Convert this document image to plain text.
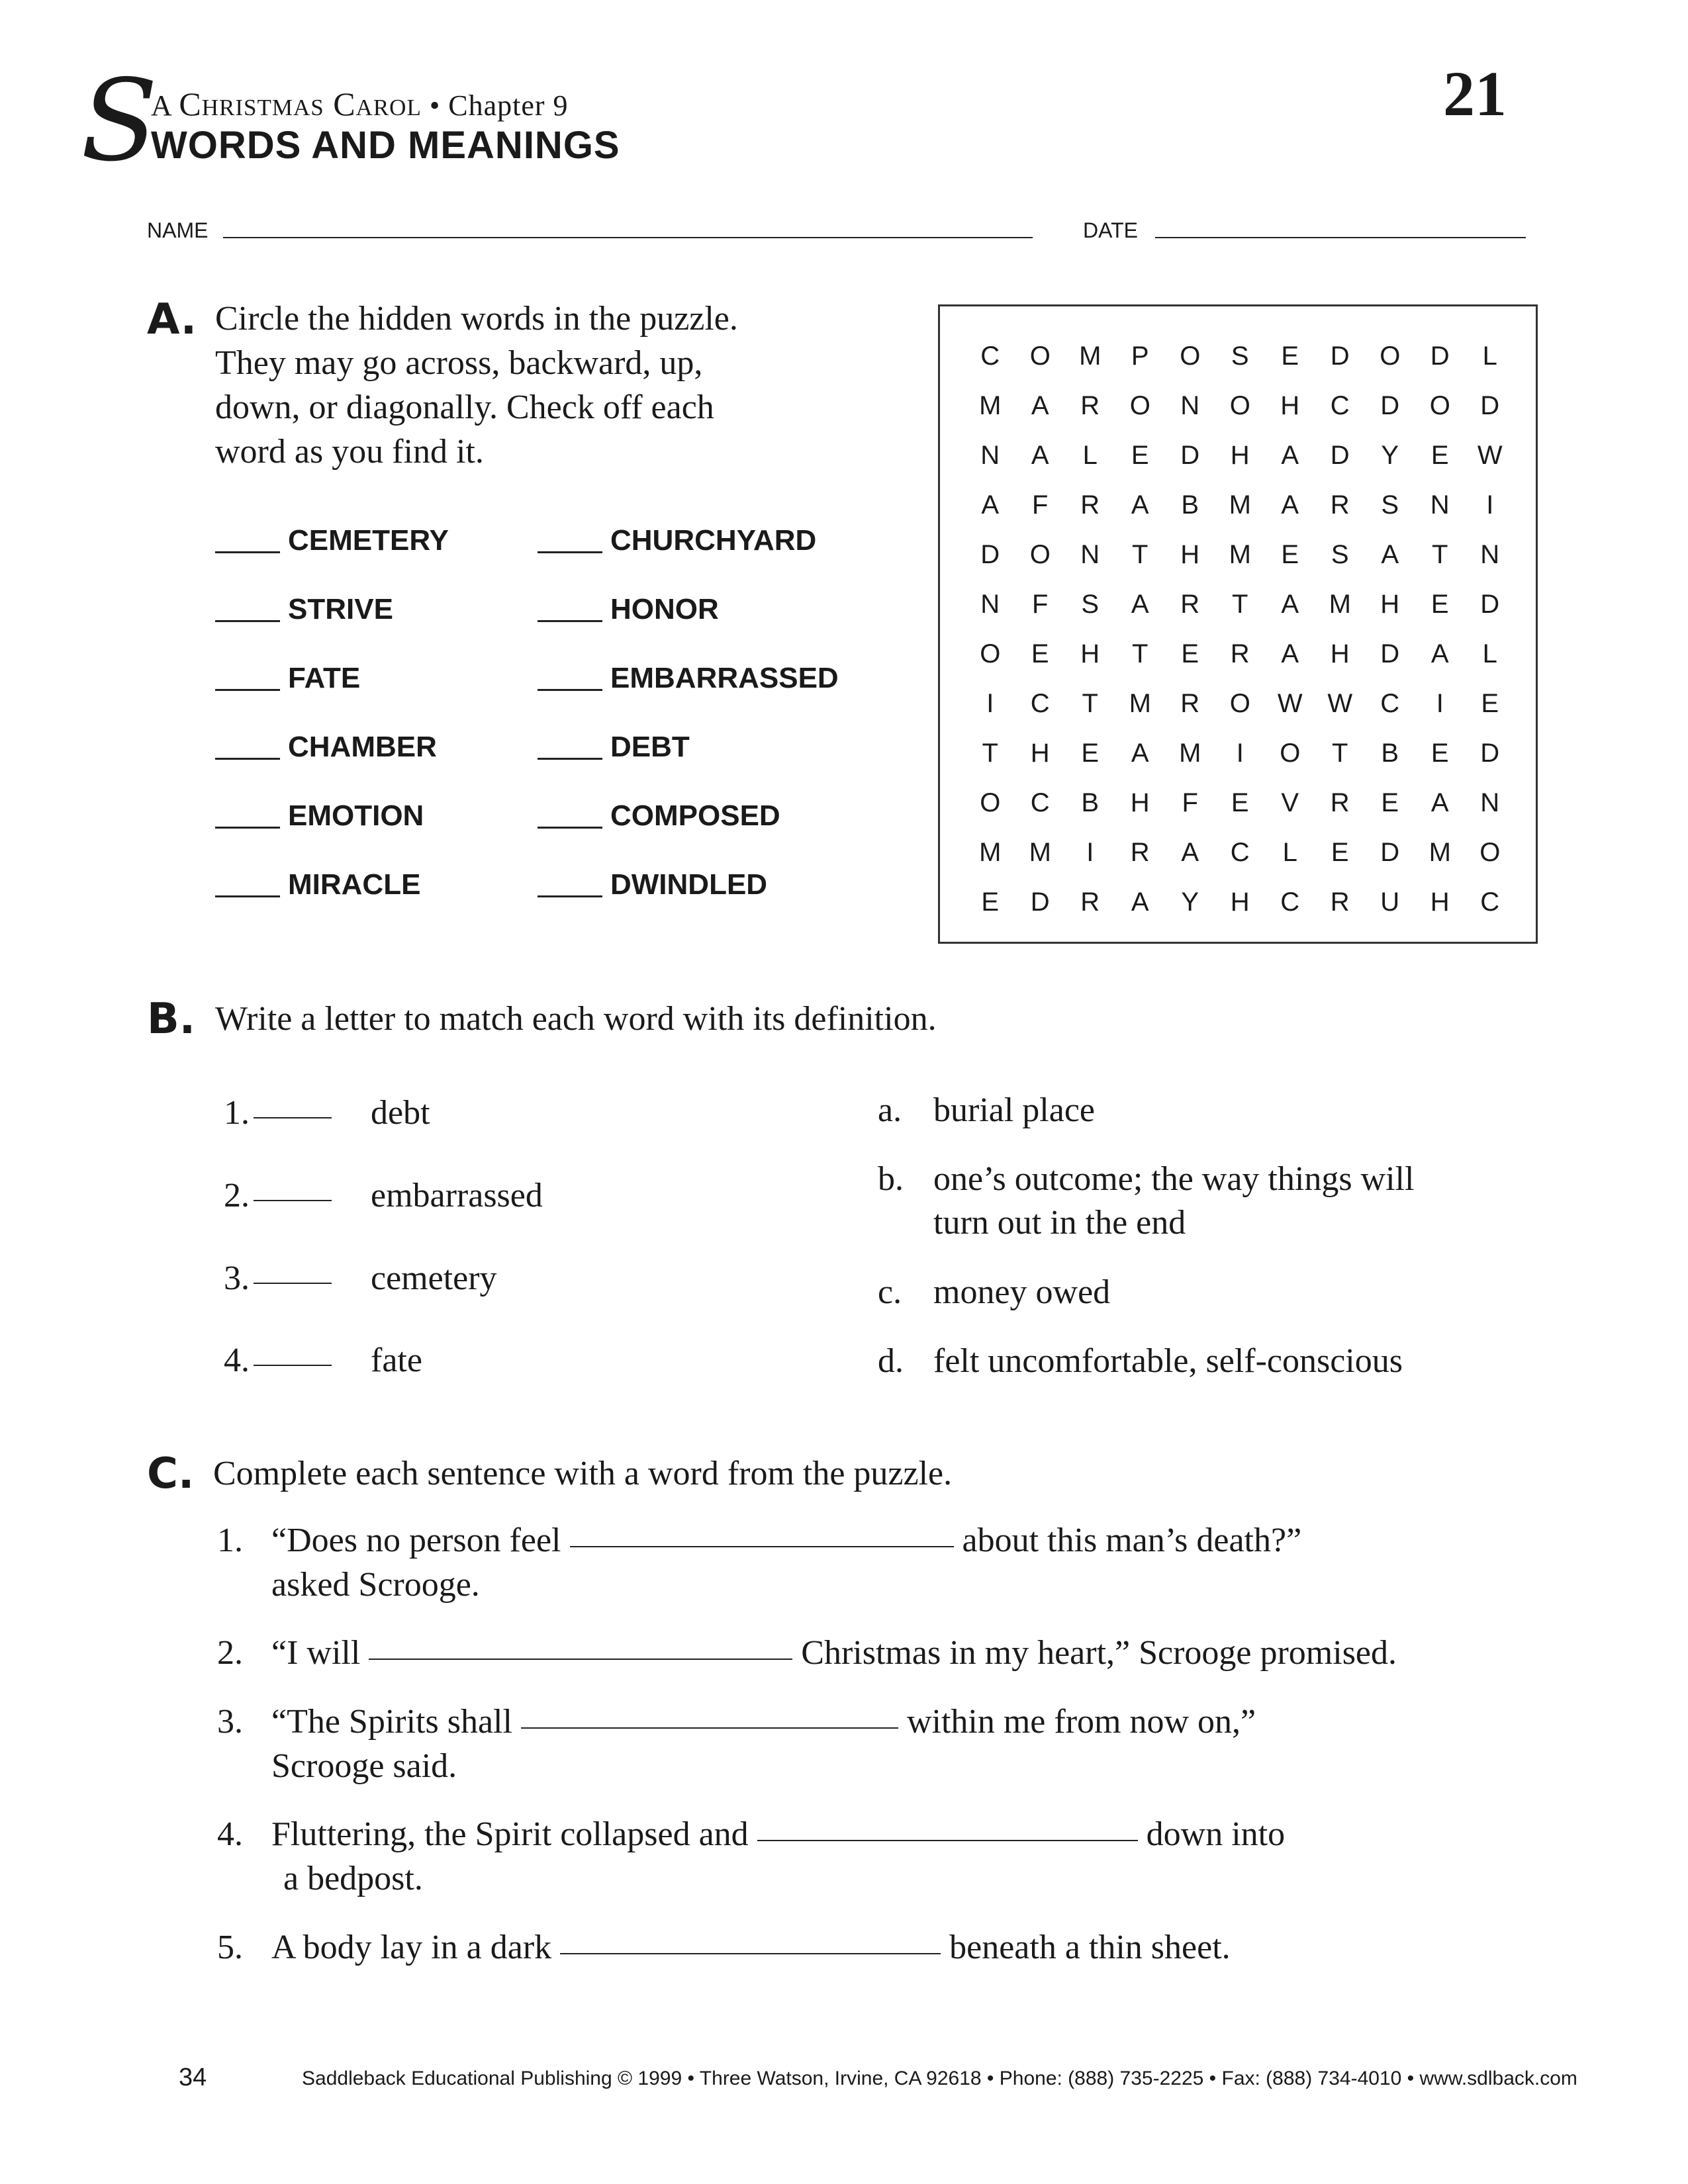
S
A Christmas Carol • Chapter 9
WORDS AND MEANINGS
21
NAME	DATE
A. Circle the hidden words in the puzzle.
They may go across, backward, up,
down, or diagonally. Check off each
word as you find it.
CEMETERY
STRIVE
FATE
CHAMBER
EMOTION
MIRACLE
CHURCHYARD
HONOR
EMBARRASSED
DEBT
COMPOSED
DWINDLED
C	O	M	P	O	S	E	D	O	D	L
M	A	R	O	N	O	H	C	D	O	D
N	A	L	E	D	H	A	D	Y	E	W
A	F	R	A	B	M	A	R	S	N	I
D	O	N	T	H	M	E	S	A	T	N
N	F	S	A	R	T	A	M	H	E	D
O	E	H	T	E	R	A	H	D	A	L
I	C	T	M	R	O	W W	C	I	E
T	H	E	A	M	I	O	T	B	E	D
O	C	B	H	F	E	V	R	E	A	N
M	M	I	R	A	C	L	E	D	M	O
E	D	R	A	Y	H	C	R	U	H	C
B. Write a letter to match each word with its definition.
1.	debt
2.	embarrassed
3.	cemetery
4.	fate
a. burial place
b. one’s outcome; the way things will
turn out in the end
c. money owed
d. felt uncomfortable, self-conscious
C. Complete each sentence with a word from the puzzle.
1. “Does no person feel	about this man’s death?”
asked Scrooge.
2. “I will	Christmas in my heart,” Scrooge promised.
3. “The Spirits shall	within me from now on,”
Scrooge said.
4. Fluttering, the Spirit collapsed and	down into
a bedpost.
5. A body lay in a dark	beneath a thin sheet.
34	Saddleback Educational Publishing © 1999 • Three Watson, Irvine, CA 92618 • Phone: (888) 735-2225 • Fax: (888) 734-4010 • www.sdlback.com
